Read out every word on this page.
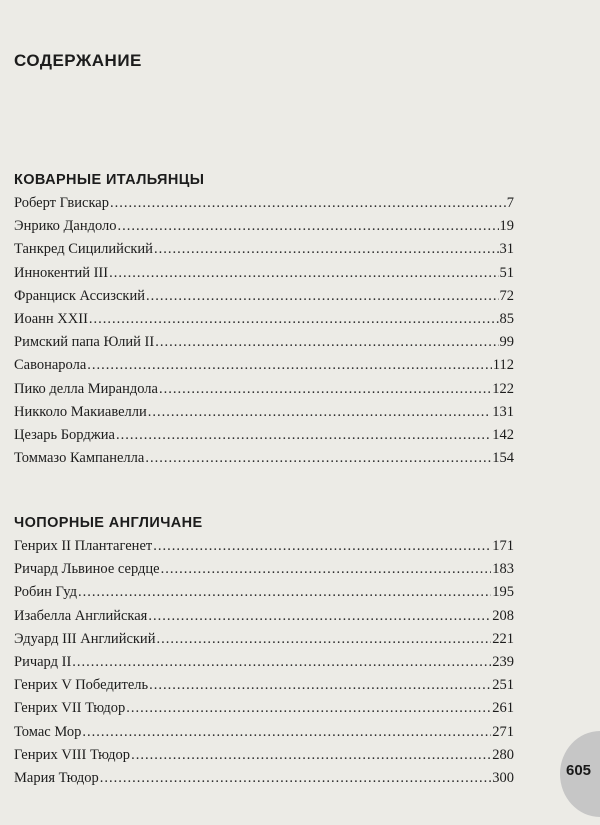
СОДЕРЖАНИЕ
КОВАРНЫЕ ИТАЛЬЯНЦЫ
Роберт Гвискар .....	7
Энрико Дандоло .....	19
Танкред Сицилийский .....	31
Иннокентий III .....	51
Франциск Ассизский .....	72
Иоанн XXII .....	85
Римский папа Юлий II .....	99
Савонарола .....	112
Пико делла Мирандола .....	122
Никколо Макиавелли .....	131
Цезарь Борджиа .....	142
Томмазо Кампанелла .....	154
ЧОПОРНЫЕ АНГЛИЧАНЕ
Генрих II Плантагенет .....	171
Ричард Львиное сердце .....	183
Робин Гуд .....	195
Изабелла Английская .....	208
Эдуард III Английский .....	221
Ричард II .....	239
Генрих V Победитель .....	251
Генрих VII Тюдор .....	261
Томас Мор .....	271
Генрих VIII Тюдор .....	280
Мария Тюдор .....	300	605
